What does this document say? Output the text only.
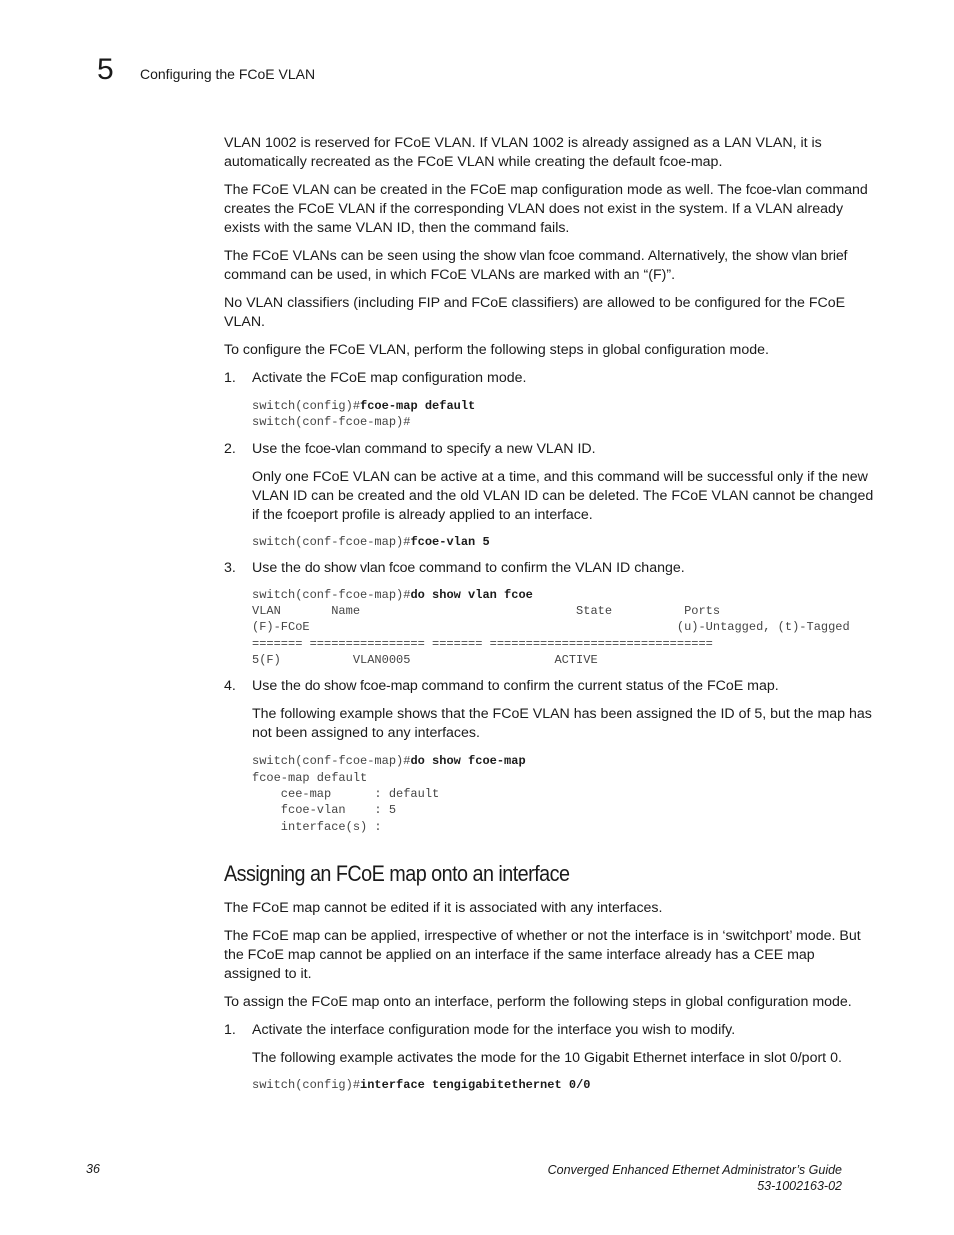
5 Configuring the FCoE VLAN

VLAN 1002 is reserved for FCoE VLAN. If VLAN 1002 is already assigned as a LAN VLAN, it is automatically recreated as the FCoE VLAN while creating the default fcoe-map.

The FCoE VLAN can be created in the FCoE map configuration mode as well. The fcoe-vlan command creates the FCoE VLAN if the corresponding VLAN does not exist in the system. If a VLAN already exists with the same VLAN ID, then the command fails.

The FCoE VLANs can be seen using the show vlan fcoe command. Alternatively, the show vlan brief command can be used, in which FCoE VLANs are marked with an “(F)”.

No VLAN classifiers (including FIP and FCoE classifiers) are allowed to be configured for the FCoE VLAN.

To configure the FCoE VLAN, perform the following steps in global configuration mode.

1. Activate the FCoE map configuration mode.

switch(config)#fcoe-map default
switch(conf-fcoe-map)#

2. Use the fcoe-vlan command to specify a new VLAN ID.

Only one FCoE VLAN can be active at a time, and this command will be successful only if the new VLAN ID can be created and the old VLAN ID can be deleted. The FCoE VLAN cannot be changed if the fcoeport profile is already applied to an interface.

switch(conf-fcoe-map)#fcoe-vlan 5

3. Use the do show vlan fcoe command to confirm the VLAN ID change.

switch(conf-fcoe-map)#do show vlan fcoe
VLAN       Name                              State          Ports
(F)-FCoE                                                   (u)-Untagged, (t)-Tagged
======= ================ ======= ===============================
5(F)          VLAN0005                    ACTIVE

4. Use the do show fcoe-map command to confirm the current status of the FCoE map.

The following example shows that the FCoE VLAN has been assigned the ID of 5, but the map has not been assigned to any interfaces.

switch(conf-fcoe-map)#do show fcoe-map
fcoe-map default
cee-map      : default
fcoe-vlan    : 5
interface(s) :
Assigning an FCoE map onto an interface

The FCoE map cannot be edited if it is associated with any interfaces.

The FCoE map can be applied, irrespective of whether or not the interface is in ‘switchport’ mode. But the FCoE map cannot be applied on an interface if the same interface already has a CEE map assigned to it.

To assign the FCoE map onto an interface, perform the following steps in global configuration mode.

1. Activate the interface configuration mode for the interface you wish to modify.

The following example activates the mode for the 10 Gigabit Ethernet interface in slot 0/port 0.

switch(config)#interface tengigabitethernet 0/0
36	Converged Enhanced Ethernet Administrator’s Guide
53-1002163-02
